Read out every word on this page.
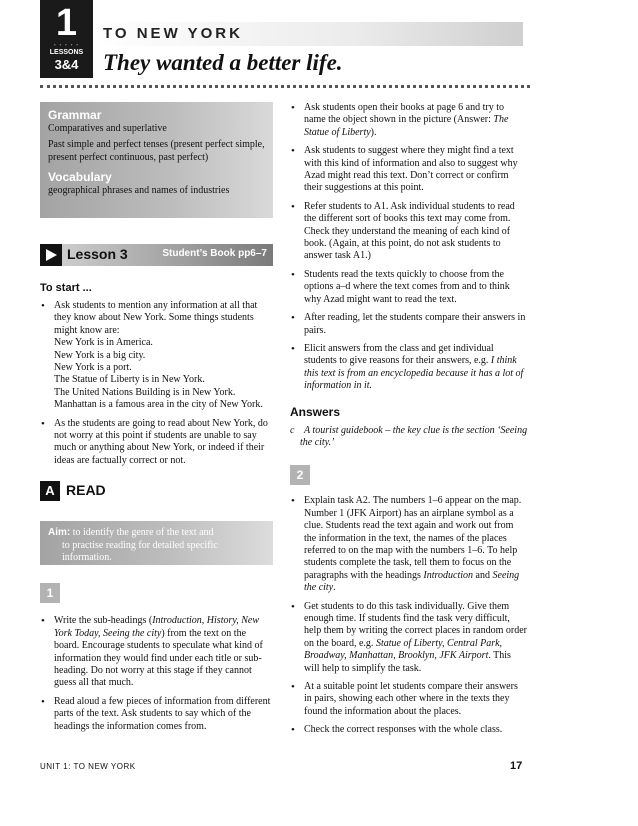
1
• • • • •
LESSONS
3&4
TO NEW YORK
They wanted a better life.
Grammar
Comparatives and superlative
Past simple and perfect tenses (present perfect simple, present perfect continuous, past perfect)
Vocabulary
geographical phrases and names of industries
Lesson 3	Student’s Book pp6–7
To start ...
• Ask students to mention any information at all that they know about New York. Some things students might know are:
New York is in America.
New York is a big city.
New York is a port.
The Statue of Liberty is in New York.
The United Nations Building is in New York.
Manhattan is a famous area in the city of New York.
• As the students are going to read about New York, do not worry at this point if students are unable to say much or anything about New York, or indeed if their ideas are factually correct or not.
A READ
Aim: to identify the genre of the text and
to practise reading for detailed specific information.
1
• Write the sub-headings (Introduction, History, New York Today, Seeing the city) from the text on the board. Encourage students to speculate what kind of information they would find under each title or sub-heading. Do not worry at this stage if they cannot guess all that much.
• Read aloud a few pieces of information from different parts of the text. Ask students to say which of the headings the information comes from.
• Ask students open their books at page 6 and try to name the object shown in the picture (Answer: The Statue of Liberty).
• Ask students to suggest where they might find a text with this kind of information and also to suggest why Azad might read this text. Don’t correct or confirm their suggestions at this point.
• Refer students to A1. Ask individual students to read the different sort of books this text may come from. Check they understand the meaning of each kind of book. (Again, at this point, do not ask students to answer task A1.)
• Students read the texts quickly to choose from the options a–d where the text comes from and to think why Azad might want to read the text.
• After reading, let the students compare their answers in pairs.
• Elicit answers from the class and get individual students to give reasons for their answers, e.g. I think this text is from an encyclopedia because it has a lot of information in it.
Answers
c A tourist guidebook – the key clue is the section ‘Seeing the city.’
2
• Explain task A2. The numbers 1–6 appear on the map. Number 1 (JFK Airport) has an airplane symbol as a clue. Students read the text again and work out from the information in the text, the names of the places referred to on the map with the numbers 1–6. To help students complete the task, tell them to focus on the paragraphs with the headings Introduction and Seeing the city.
• Get students to do this task individually. Give them enough time. If students find the task very difficult, help them by writing the correct places in random order on the board, e.g. Statue of Liberty, Central Park, Broadway, Manhattan, Brooklyn, JFK Airport. This will help to simplify the task.
• At a suitable point let students compare their answers in pairs, showing each other where in the texts they found the information about the places.
• Check the correct responses with the whole class.
UNIT 1: TO NEW YORK	17
